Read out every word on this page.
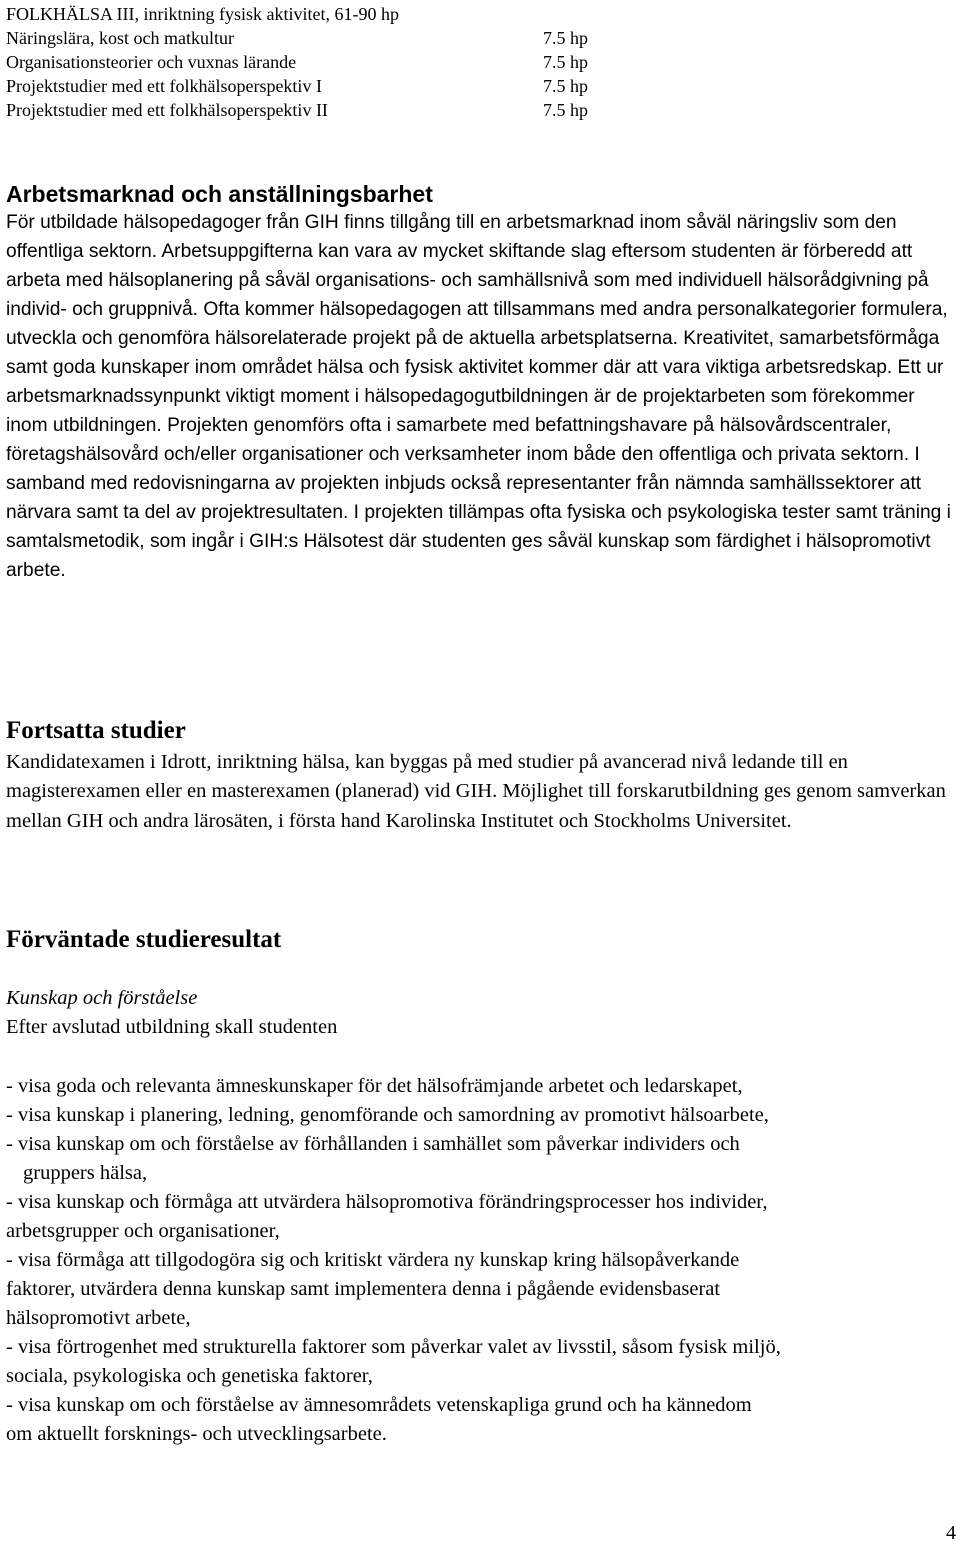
FOLKHÄLSA III, inriktning fysisk aktivitet, 61-90 hp
Näringslära, kost och matkultur	7.5 hp
Organisationsteorier och vuxnas lärande	7.5 hp
Projektstudier med ett folkhälsoperspektiv I	7.5 hp
Projektstudier med ett folkhälsoperspektiv II	7.5 hp
Arbetsmarknad och anställningsbarhet

För utbildade hälsopedagoger från GIH finns tillgång till en arbetsmarknad inom såväl näringsliv som den offentliga sektorn. Arbetsuppgifterna kan vara av mycket skiftande slag eftersom studenten är förberedd att arbeta med hälsoplanering på såväl organisations- och samhällsnivå som med individuell hälsorådgivning på individ- och gruppnivå. Ofta kommer hälsopedagogen att tillsammans med andra personalkategorier formulera, utveckla och genomföra hälsorelaterade projekt på de aktuella arbetsplatserna. Kreativitet, samarbetsförmåga samt goda kunskaper inom området hälsa och fysisk aktivitet kommer där att vara viktiga arbetsredskap. Ett ur arbetsmarknadssynpunkt viktigt moment i hälsopedagogutbildningen är de projektarbeten som förekommer inom utbildningen. Projekten genomförs ofta i samarbete med befattningshavare på hälsovårdscentraler, företagshälsovård och/eller organisationer och verksamheter inom både den offentliga och privata sektorn. I samband med redovisningarna av projekten inbjuds också representanter från nämnda samhällssektorer att närvara samt ta del av projektresultaten. I projekten tillämpas ofta fysiska och psykologiska tester samt träning i samtalsmetodik, som ingår i GIH:s Hälsotest där studenten ges såväl kunskap som färdighet i hälsopromotivt arbete.

Fortsatta studier

Kandidatexamen i Idrott, inriktning hälsa, kan byggas på med studier på avancerad nivå ledande till en magisterexamen eller en masterexamen (planerad) vid GIH. Möjlighet till forskarutbildning ges genom samverkan mellan GIH och andra lärosäten, i första hand Karolinska Institutet och Stockholms Universitet.

Förväntade studieresultat
Kunskap och förståelse
Efter avslutad utbildning skall studenten
- visa goda och relevanta ämneskunskaper för det hälsofrämjande arbetet och ledarskapet,
- visa kunskap i planering, ledning, genomförande och samordning av promotivt hälsoarbete,
- visa kunskap om och förståelse av förhållanden i samhället som påverkar individers och
gruppers hälsa,
- visa kunskap och förmåga att utvärdera hälsopromotiva förändringsprocesser hos individer,
arbetsgrupper och organisationer,
- visa förmåga att tillgodogöra sig och kritiskt värdera ny kunskap kring hälsopåverkande
faktorer, utvärdera denna kunskap samt implementera denna i pågående evidensbaserat
hälsopromotivt arbete,
- visa förtrogenhet med strukturella faktorer som påverkar valet av livsstil, såsom fysisk miljö,
sociala, psykologiska och genetiska faktorer,
- visa kunskap om och förståelse av ämnesområdets vetenskapliga grund och ha kännedom
om aktuellt forsknings- och utvecklingsarbete.
4
